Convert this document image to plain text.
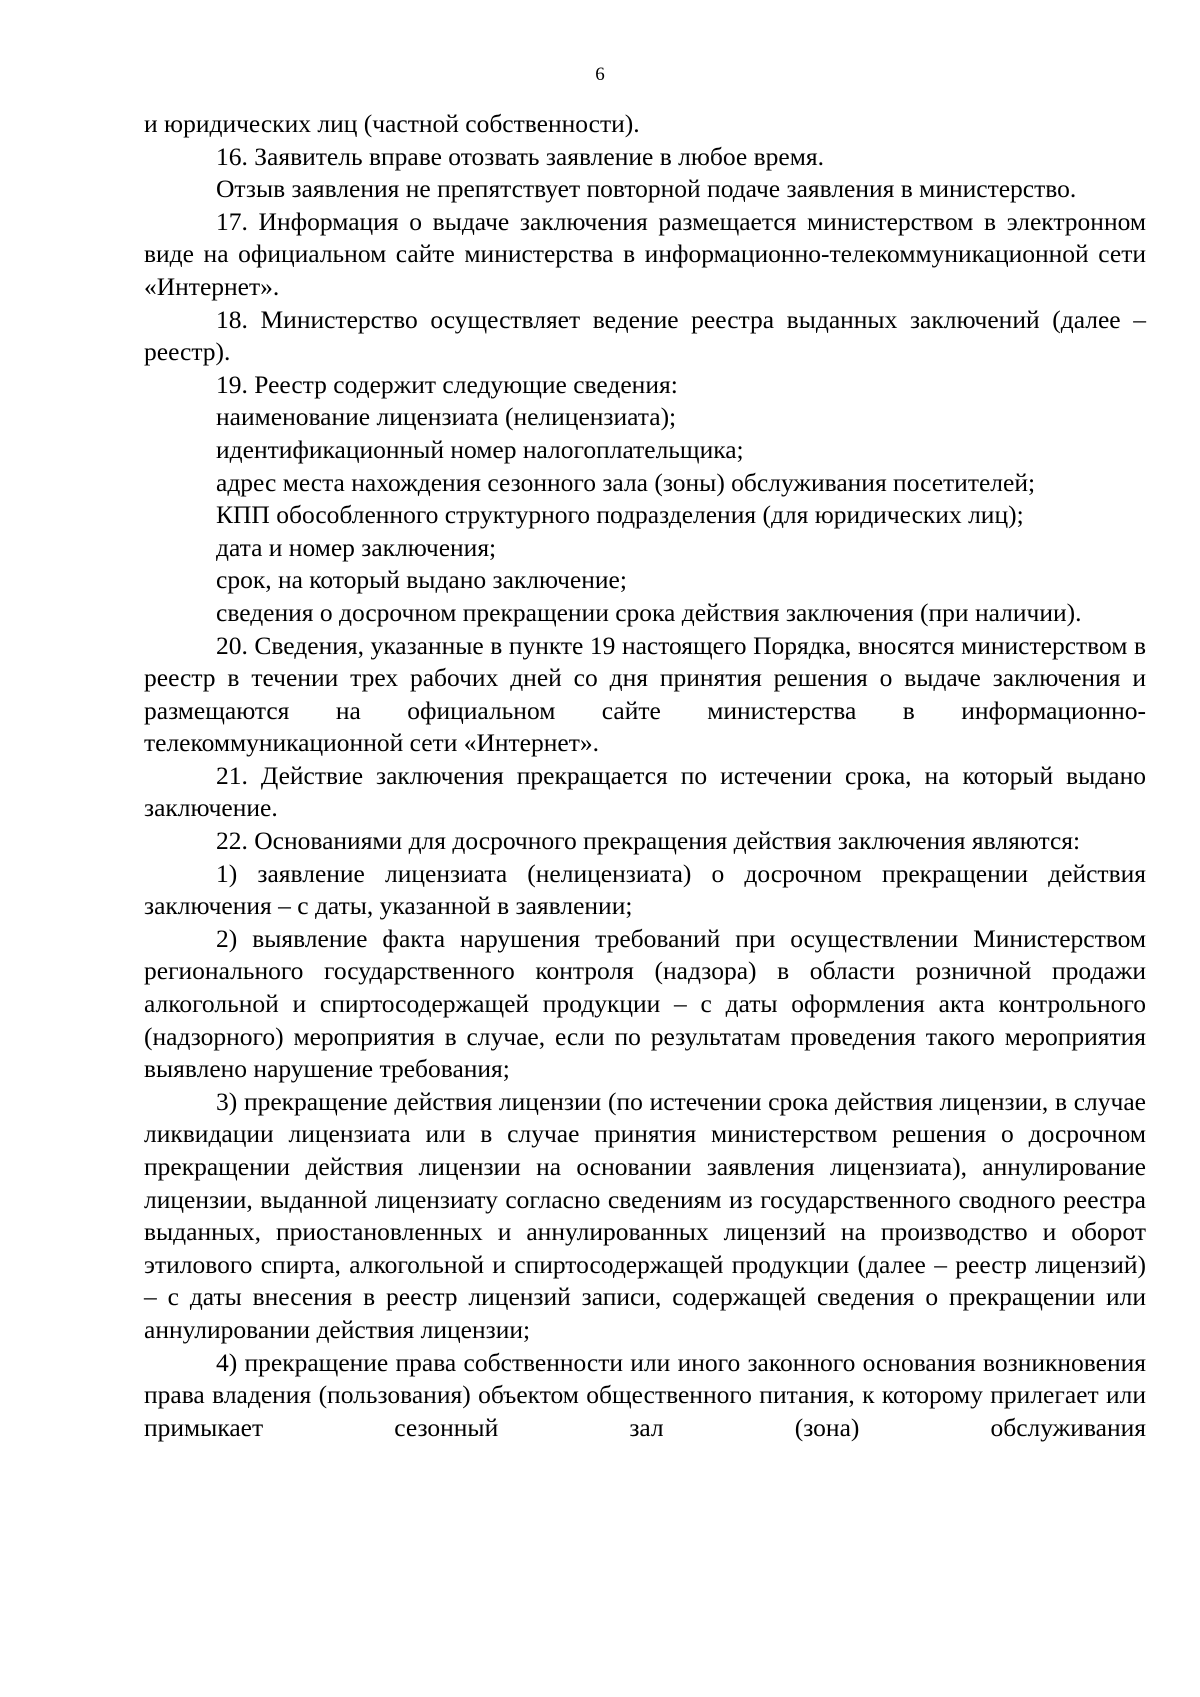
6

и юридических лиц (частной собственности).

16. Заявитель вправе отозвать заявление в любое время.

Отзыв заявления не препятствует повторной подаче заявления в министерство.

17. Информация о выдаче заключения размещается министерством в электронном виде на официальном сайте министерства в информационно-телекоммуникационной сети «Интернет».

18. Министерство осуществляет ведение реестра выданных заключений (далее – реестр).

19. Реестр содержит следующие сведения:

наименование лицензиата (нелицензиата);

идентификационный номер налогоплательщика;

адрес места нахождения сезонного зала (зоны) обслуживания посетителей;

КПП обособленного структурного подразделения (для юридических лиц);

дата и номер заключения;

срок, на который выдано заключение;

сведения о досрочном прекращении срока действия заключения (при наличии).

20. Сведения, указанные в пункте 19 настоящего Порядка, вносятся министерством в реестр в течении трех рабочих дней со дня принятия решения о выдаче заключения и размещаются на официальном сайте министерства в информационно-телекоммуникационной сети «Интернет».

21. Действие заключения прекращается по истечении срока, на который выдано заключение.

22. Основаниями для досрочного прекращения действия заключения являются:

1) заявление лицензиата (нелицензиата) о досрочном прекращении действия заключения – с даты, указанной в заявлении;

2) выявление факта нарушения требований при осуществлении Министерством регионального государственного контроля (надзора) в области розничной продажи алкогольной и спиртосодержащей продукции – с даты оформления акта контрольного (надзорного) мероприятия в случае, если по результатам проведения такого мероприятия выявлено нарушение требования;

3) прекращение действия лицензии (по истечении срока действия лицензии, в случае ликвидации лицензиата или в случае принятия министерством решения о досрочном прекращении действия лицензии на основании заявления лицензиата), аннулирование лицензии, выданной лицензиату согласно сведениям из государственного сводного реестра выданных, приостановленных и аннулированных лицензий на производство и оборот этилового спирта, алкогольной и спиртосодержащей продукции (далее – реестр лицензий) – с даты внесения в реестр лицензий записи, содержащей сведения о прекращении или аннулировании действия лицензии;

4) прекращение права собственности или иного законного основания возникновения права владения (пользования) объектом общественного питания, к которому прилегает или примыкает сезонный зал (зона) обслуживания
